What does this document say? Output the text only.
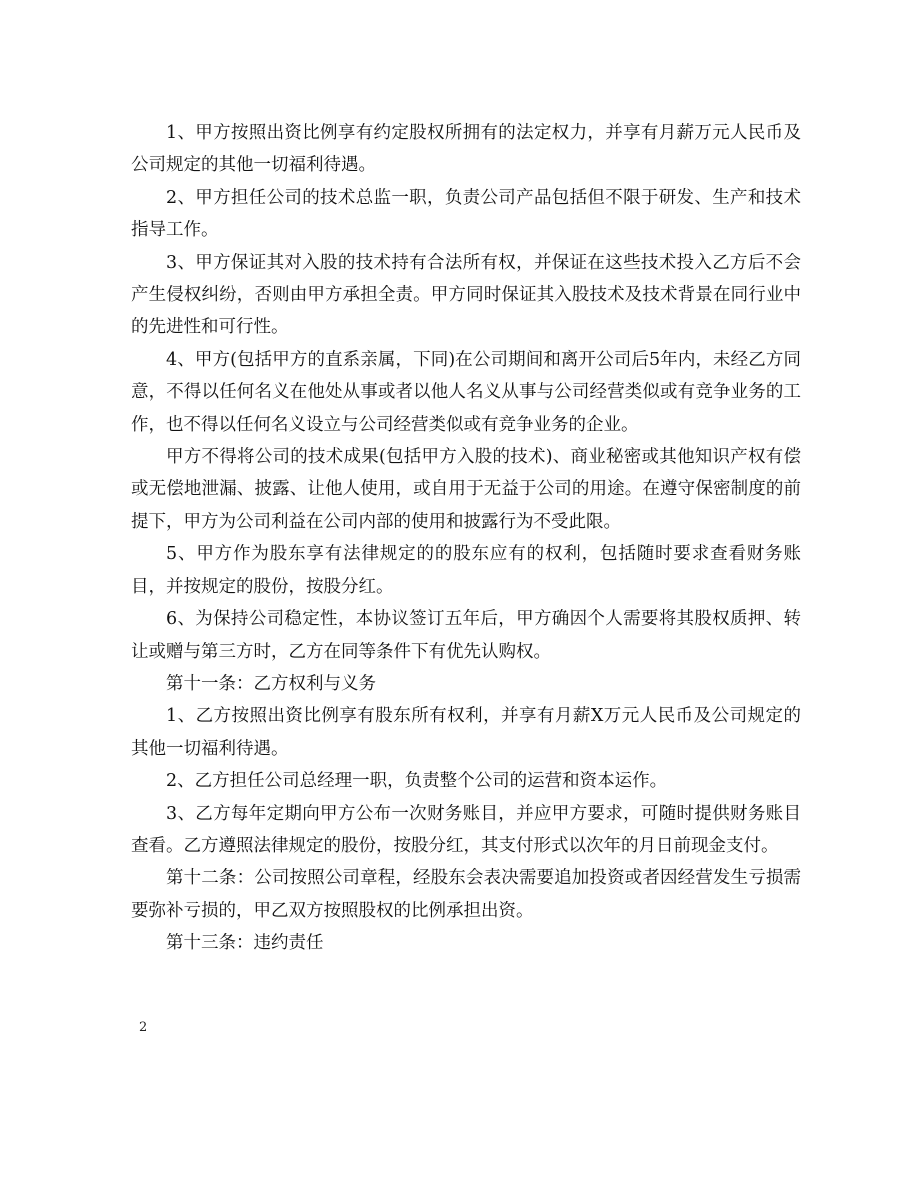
1、甲方按照出资比例享有约定股权所拥有的法定权力，并享有月薪万元人民币及公司规定的其他一切福利待遇。

2、甲方担任公司的技术总监一职，负责公司产品包括但不限于研发、生产和技术指导工作。

3、甲方保证其对入股的技术持有合法所有权，并保证在这些技术投入乙方后不会产生侵权纠纷，否则由甲方承担全责。甲方同时保证其入股技术及技术背景在同行业中的先进性和可行性。

4、甲方(包括甲方的直系亲属，下同)在公司期间和离开公司后5年内，未经乙方同意，不得以任何名义在他处从事或者以他人名义从事与公司经营类似或有竞争业务的工作，也不得以任何名义设立与公司经营类似或有竞争业务的企业。

甲方不得将公司的技术成果(包括甲方入股的技术)、商业秘密或其他知识产权有偿或无偿地泄漏、披露、让他人使用，或自用于无益于公司的用途。在遵守保密制度的前提下，甲方为公司利益在公司内部的使用和披露行为不受此限。

5、甲方作为股东享有法律规定的的股东应有的权利，包括随时要求查看财务账目，并按规定的股份，按股分红。

6、为保持公司稳定性，本协议签订五年后，甲方确因个人需要将其股权质押、转让或赠与第三方时，乙方在同等条件下有优先认购权。

第十一条：乙方权利与义务

1、乙方按照出资比例享有股东所有权利，并享有月薪X万元人民币及公司规定的其他一切福利待遇。

2、乙方担任公司总经理一职，负责整个公司的运营和资本运作。

3、乙方每年定期向甲方公布一次财务账目，并应甲方要求，可随时提供财务账目查看。乙方遵照法律规定的股份，按股分红，其支付形式以次年的月日前现金支付。

第十二条：公司按照公司章程，经股东会表决需要追加投资或者因经营发生亏损需要弥补亏损的，甲乙双方按照股权的比例承担出资。

第十三条：违约责任

2
